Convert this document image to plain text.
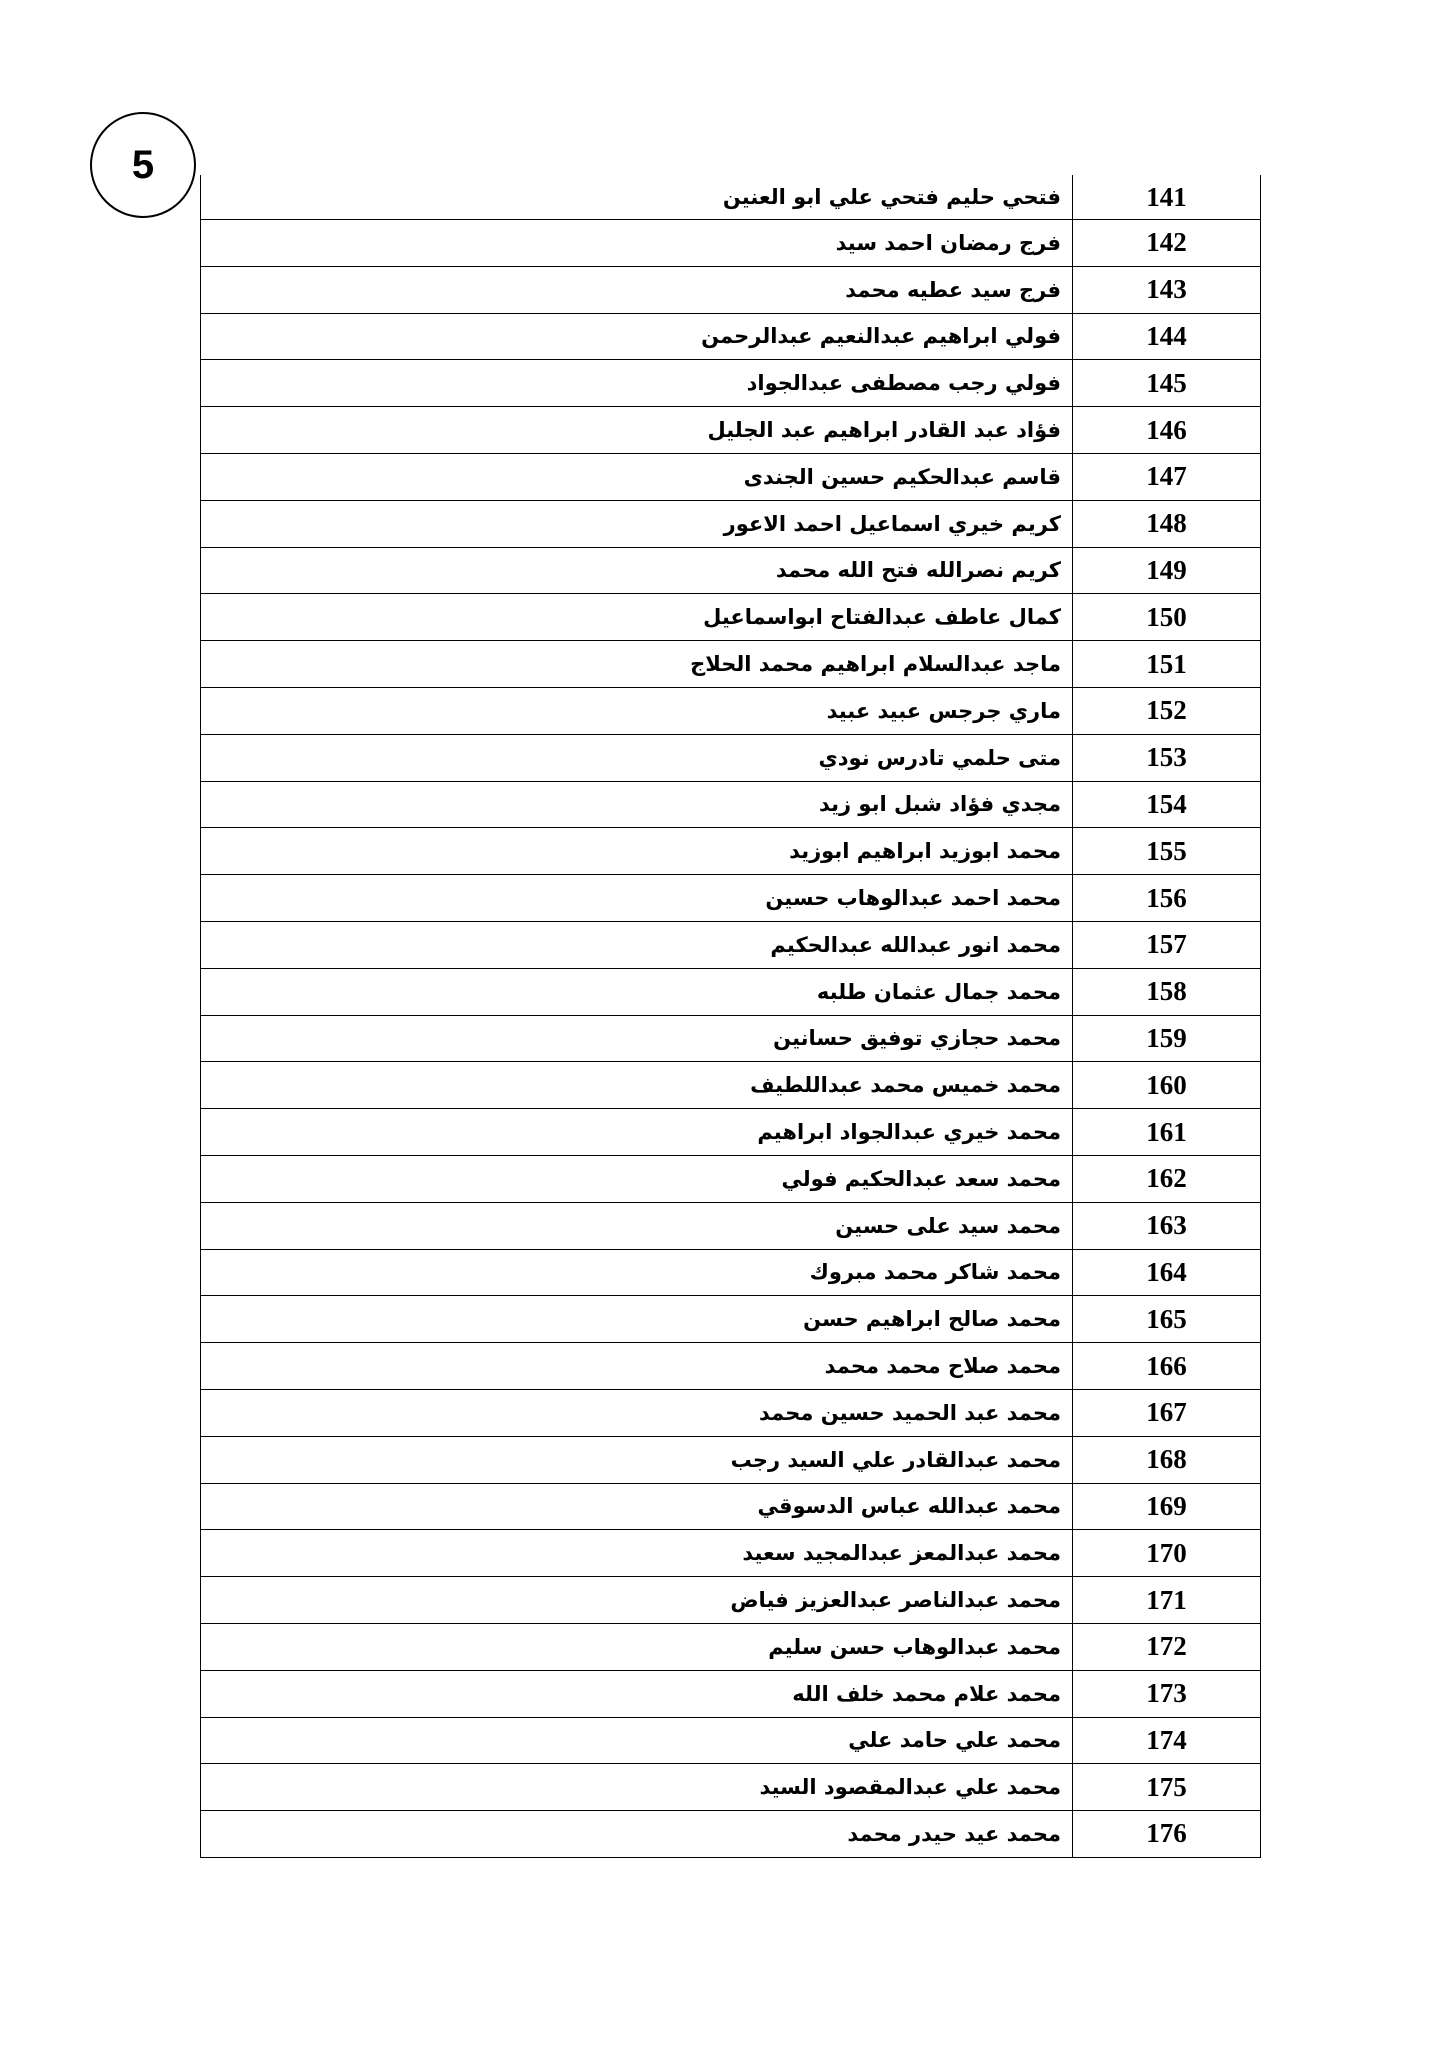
5
فتحي حليم فتحي علي ابو العنين	141
فرج رمضان احمد سيد	142
فرج سيد عطيه محمد	143
فولي ابراهيم عبدالنعيم عبدالرحمن	144
فولي رجب مصطفى عبدالجواد	145
فؤاد عبد القادر ابراهيم عبد الجليل	146
قاسم عبدالحكيم حسين الجندى	147
كريم خيري اسماعيل احمد الاعور	148
كريم نصرالله فتح الله محمد	149
كمال عاطف عبدالفتاح ابواسماعيل	150
ماجد عبدالسلام ابراهيم محمد الحلاج	151
ماري جرجس عبيد عبيد	152
متى حلمي تادرس نودي	153
مجدي فؤاد شبل ابو زيد	154
محمد ابوزيد ابراهيم ابوزيد	155
محمد احمد عبدالوهاب حسين	156
محمد انور عبدالله عبدالحكيم	157
محمد جمال عثمان طلبه	158
محمد حجازي توفيق حسانين	159
محمد خميس محمد عبداللطيف	160
محمد خيري عبدالجواد ابراهيم	161
محمد سعد عبدالحكيم فولي	162
محمد سيد على حسين	163
محمد شاكر محمد مبروك	164
محمد صالح ابراهيم حسن	165
محمد صلاح محمد محمد	166
محمد عبد الحميد حسين محمد	167
محمد عبدالقادر علي السيد رجب	168
محمد عبدالله عباس الدسوقي	169
محمد عبدالمعز عبدالمجيد سعيد	170
محمد عبدالناصر عبدالعزيز فياض	171
محمد عبدالوهاب حسن سليم	172
محمد علام محمد خلف الله	173
محمد علي حامد علي	174
محمد علي عبدالمقصود السيد	175
محمد عيد حيدر محمد	176
